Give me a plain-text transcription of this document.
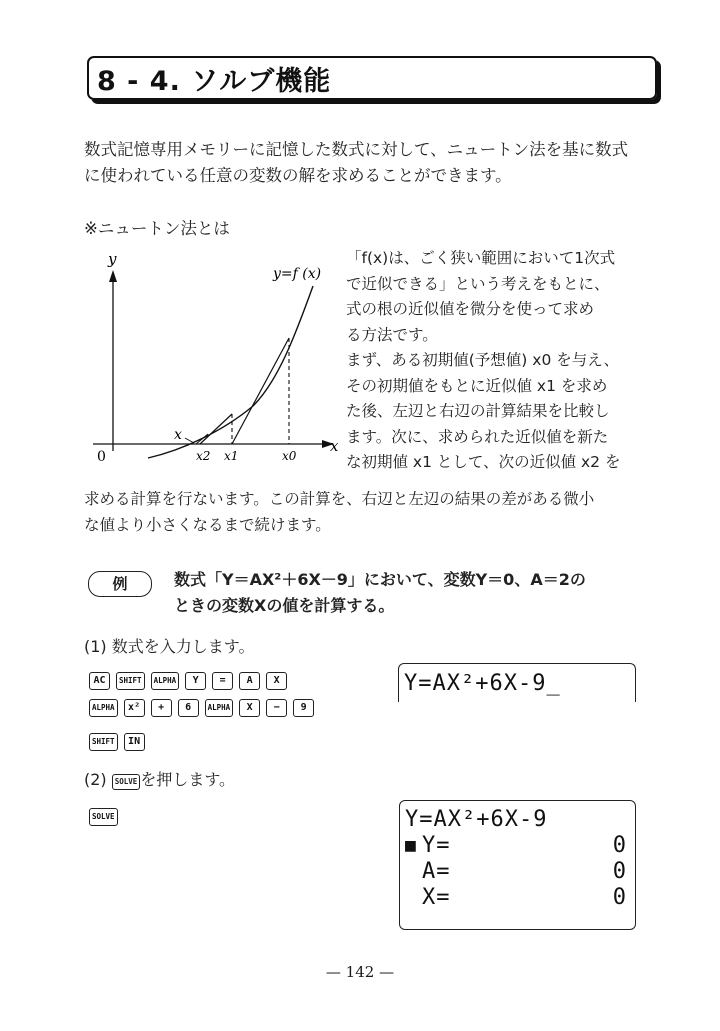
8 - 4. ソルブ機能
数式記憶専用メモリーに記憶した数式に対して、ニュートン法を基に数式
に使われている任意の変数の解を求めることができます。
※ニュートン法とは
y
x
0
y=f (x)
x
x2 x1	x0
「f(x)は、ごく狭い範囲において1次式
で近似できる」という考えをもとに、
式の根の近似値を微分を使って求め
る方法です。
まず、ある初期値(予想値) x0 を与え、
その初期値をもとに近似値 x1 を求め
た後、左辺と右辺の計算結果を比較し
ます。次に、求められた近似値を新た
な初期値 x1 として、次の近似値 x2 を
求める計算を行ないます。この計算を、右辺と左辺の結果の差がある微小
な値より小さくなるまで続けます。
例	数式「Y＝AX²＋6X－9」において、変数Y＝0、A＝2の
ときの変数Xの値を計算する。
(1) 数式を入力します。
AC	SHIFT	ALPHA	Y	=	A	X
ALPHA	x²	+	6	ALPHA	X	−	9
SHIFT	IN
Y=AX²+6X-9_
(2) SOLVE を押します。
SOLVE	Y=AX²+6X-9
■ Y=	0
A=	0
X=	0
— 142 —
